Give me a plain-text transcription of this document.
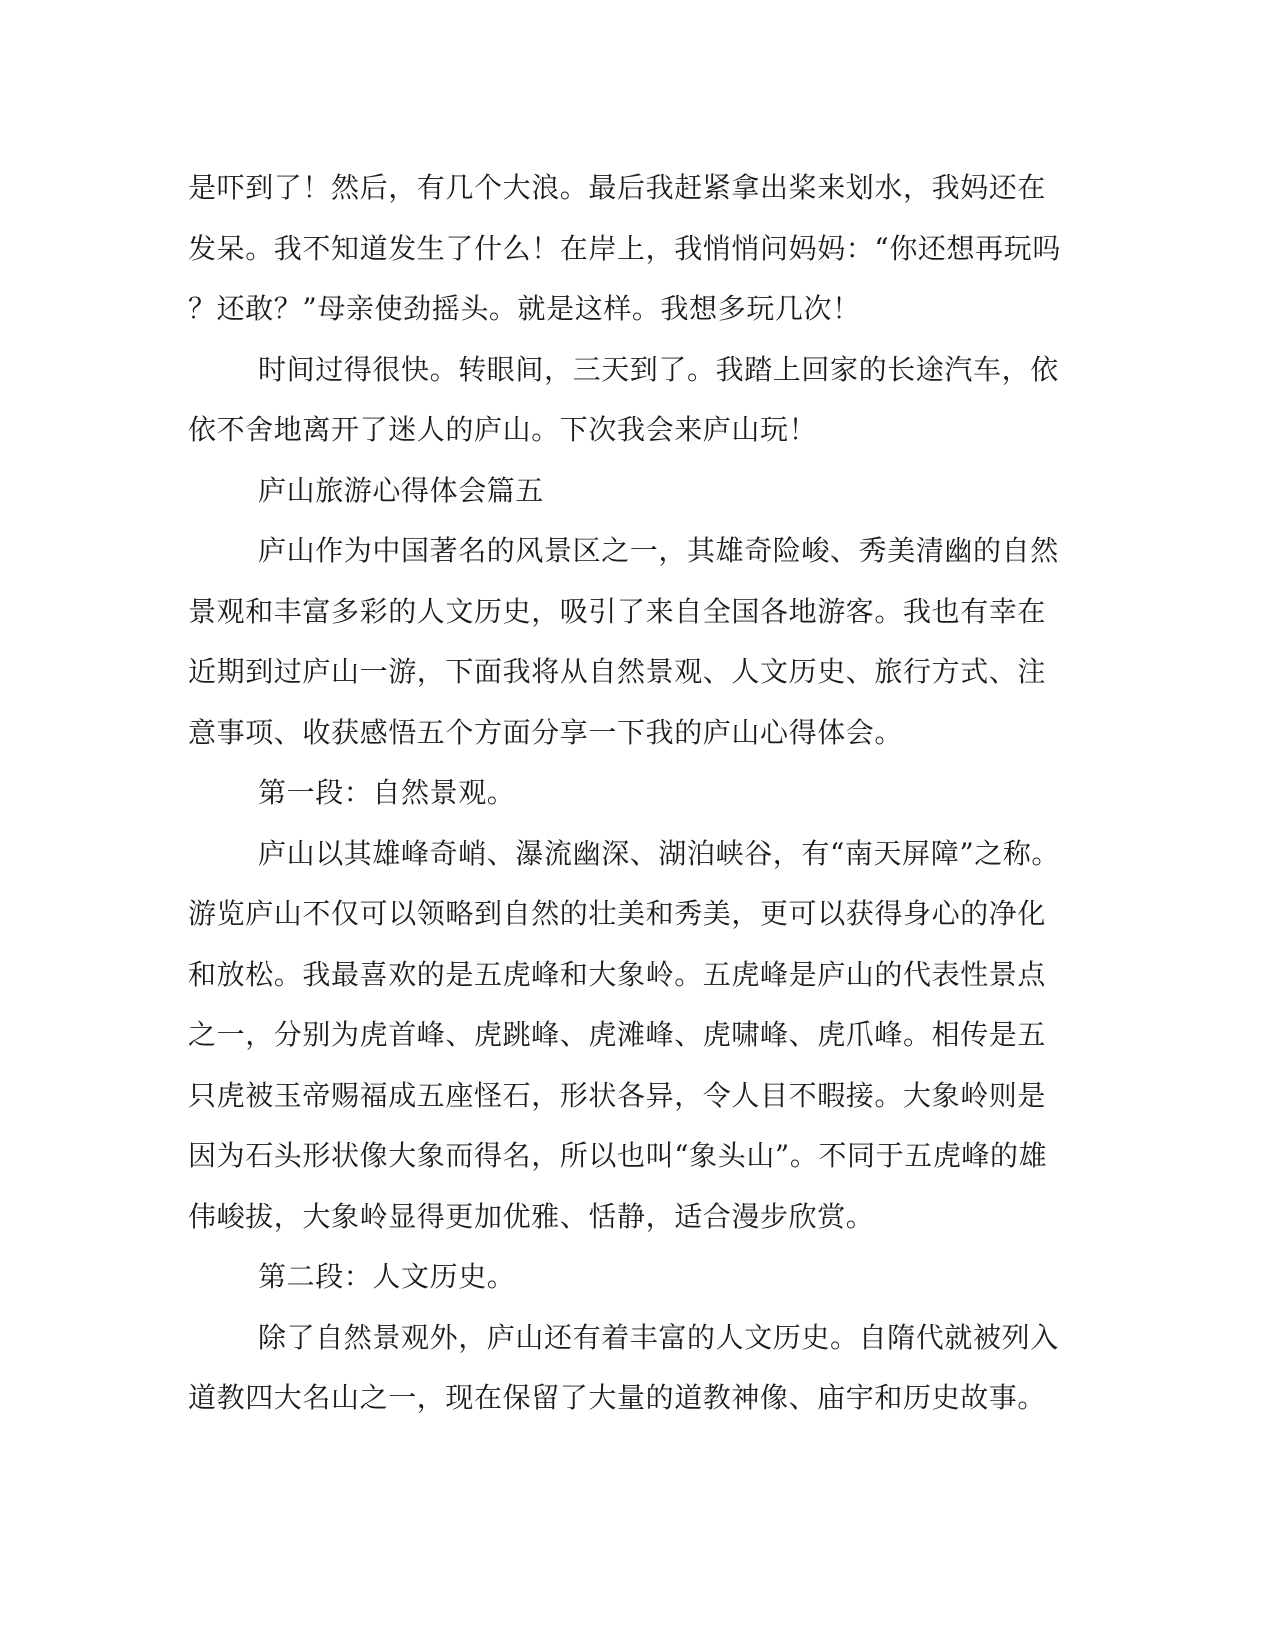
是吓到了！然后，有几个大浪。最后我赶紧拿出桨来划水，我妈还在
发呆。我不知道发生了什么！在岸上，我悄悄问妈妈：“你还想再玩吗
？还敢？”母亲使劲摇头。就是这样。我想多玩几次！
时间过得很快。转眼间，三天到了。我踏上回家的长途汽车，依
依不舍地离开了迷人的庐山。下次我会来庐山玩！
庐山旅游心得体会篇五
庐山作为中国著名的风景区之一，其雄奇险峻、秀美清幽的自然
景观和丰富多彩的人文历史，吸引了来自全国各地游客。我也有幸在
近期到过庐山一游，下面我将从自然景观、人文历史、旅行方式、注
意事项、收获感悟五个方面分享一下我的庐山心得体会。
第一段：自然景观。
庐山以其雄峰奇峭、瀑流幽深、湖泊峡谷，有“南天屏障”之称。
游览庐山不仅可以领略到自然的壮美和秀美，更可以获得身心的净化
和放松。我最喜欢的是五虎峰和大象岭。五虎峰是庐山的代表性景点
之一，分别为虎首峰、虎跳峰、虎滩峰、虎啸峰、虎爪峰。相传是五
只虎被玉帝赐福成五座怪石，形状各异，令人目不暇接。大象岭则是
因为石头形状像大象而得名，所以也叫“象头山”。不同于五虎峰的雄
伟峻拔，大象岭显得更加优雅、恬静，适合漫步欣赏。
第二段：人文历史。
除了自然景观外，庐山还有着丰富的人文历史。自隋代就被列入
道教四大名山之一，现在保留了大量的道教神像、庙宇和历史故事。
